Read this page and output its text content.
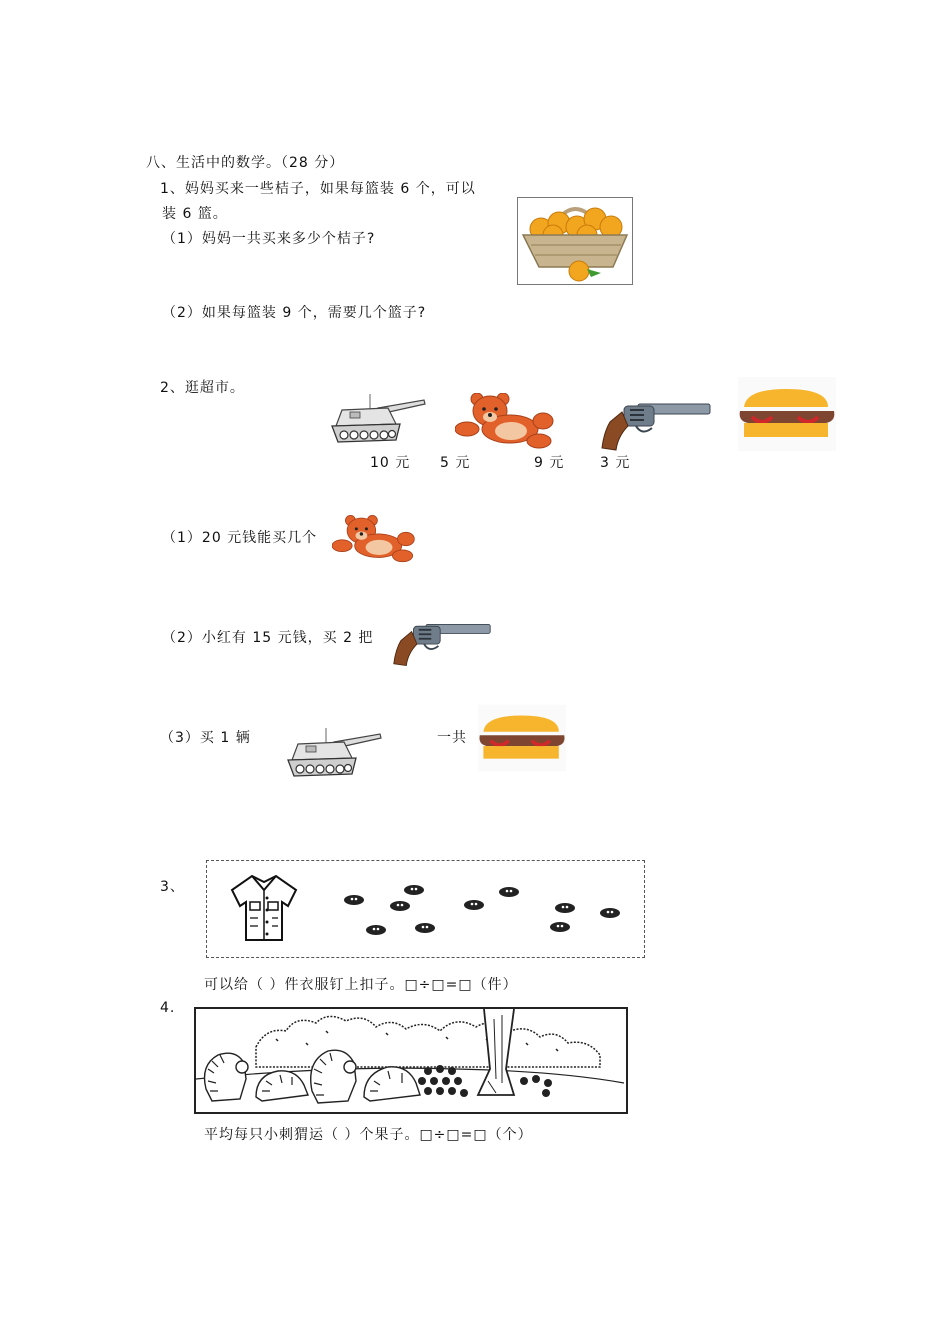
八、生活中的数学。（28 分）
1、妈妈买来一些桔子，如果每篮装 6 个，可以
装 6 篮。
（1）妈妈一共买来多少个桔子?
（2）如果每篮装 9 个，需要几个篮子?
2、逛超市。
10 元 5 元	9 元	3 元
（1）20 元钱能买几个
（2）小红有 15 元钱，买 2 把
（3）买 1 辆	一共
3、
可以给（ ）件衣服钉上扣子。□÷□=□（件）
4.
平均每只小刺猬运（ ）个果子。□÷□=□（个）
